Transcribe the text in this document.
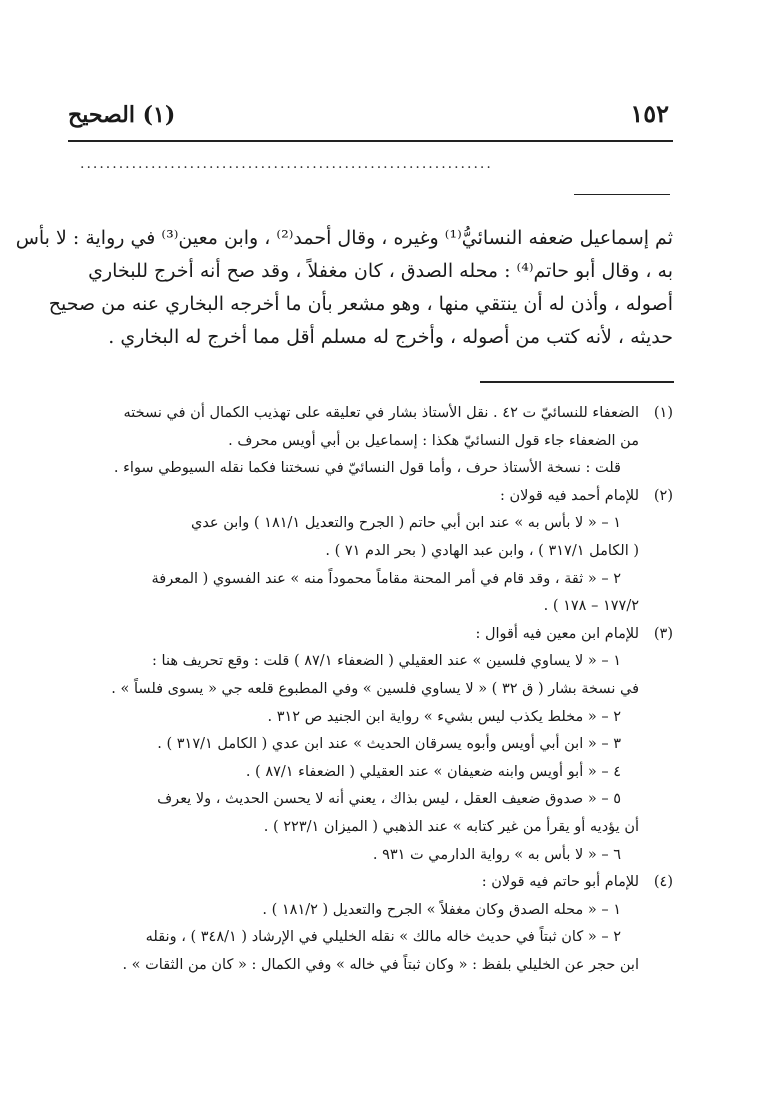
١٥٢
(١) الصحيح
................................................................
ثم إسماعيل ضعفه النسائيُّ⁽¹⁾ وغيره ، وقال أحمد⁽²⁾ ، وابن معين⁽³⁾ في رواية : لا بأس
به ، وقال أبو حاتم⁽⁴⁾ : محله الصدق ، كان مغفلاً ، وقد صح أنه أخرج للبخاري
أصوله ، وأذن له أن ينتقي منها ، وهو مشعر بأن ما أخرجه البخاري عنه من صحيح
حديثه ، لأنه كتب من أصوله ، وأخرج له مسلم أقل مما أخرج له البخاري .
(١)
الضعفاء للنسائيّ ت ٤٢ . نقل الأستاذ بشار في تعليقه على تهذيب الكمال أن في نسخته
من الضعفاء جاء قول النسائيّ هكذا : إسماعيل بن أبي أويس محرف .
قلت : نسخة الأستاذ حرف ، وأما قول النسائيّ في نسختنا فكما نقله السيوطي سواء .
(٢)
للإمام أحمد فيه قولان :
١ – « لا بأس به » عند ابن أبي حاتم ( الجرح والتعديل ١٨١/١ ) وابن عدي
( الكامل ٣١٧/١ ) ، وابن عبد الهادي ( بحر الدم ٧١ ) .
٢ – « ثقة ، وقد قام في أمر المحنة مقاماً محموداً منه » عند الفسوي ( المعرفة
١٧٧/٢ – ١٧٨ ) .
(٣)
للإمام ابن معين فيه أقوال :
١ – « لا يساوي فلسين » عند العقيلي ( الضعفاء ٨٧/١ ) قلت : وقع تحريف هنا :
في نسخة بشار ( ق ٣٢ ) « لا يساوي فلسين » وفي المطبوع قلعه جي « يسوى فلساً » .
٢ – « مخلط يكذب ليس بشيء » رواية ابن الجنيد ص ٣١٢ .
٣ – « ابن أبي أويس وأبوه يسرقان الحديث » عند ابن عدي ( الكامل ٣١٧/١ ) .
٤ – « أبو أويس وابنه ضعيفان » عند العقيلي ( الضعفاء ٨٧/١ ) .
٥ – « صدوق ضعيف العقل ، ليس بذاك ، يعني أنه لا يحسن الحديث ، ولا يعرف
أن يؤديه أو يقرأ من غير كتابه » عند الذهبي ( الميزان ٢٢٣/١ ) .
٦ – « لا بأس به » رواية الدارمي ت ٩٣١ .
(٤)
للإمام أبو حاتم فيه قولان :
١ – « محله الصدق وكان مغفلاً » الجرح والتعديل ( ١٨١/٢ ) .
٢ – « كان ثبتاً في حديث خاله مالك » نقله الخليلي في الإرشاد ( ٣٤٨/١ ) ، ونقله
ابن حجر عن الخليلي بلفظ : « وكان ثبتاً في خاله » وفي الكمال : « كان من الثقات » .
